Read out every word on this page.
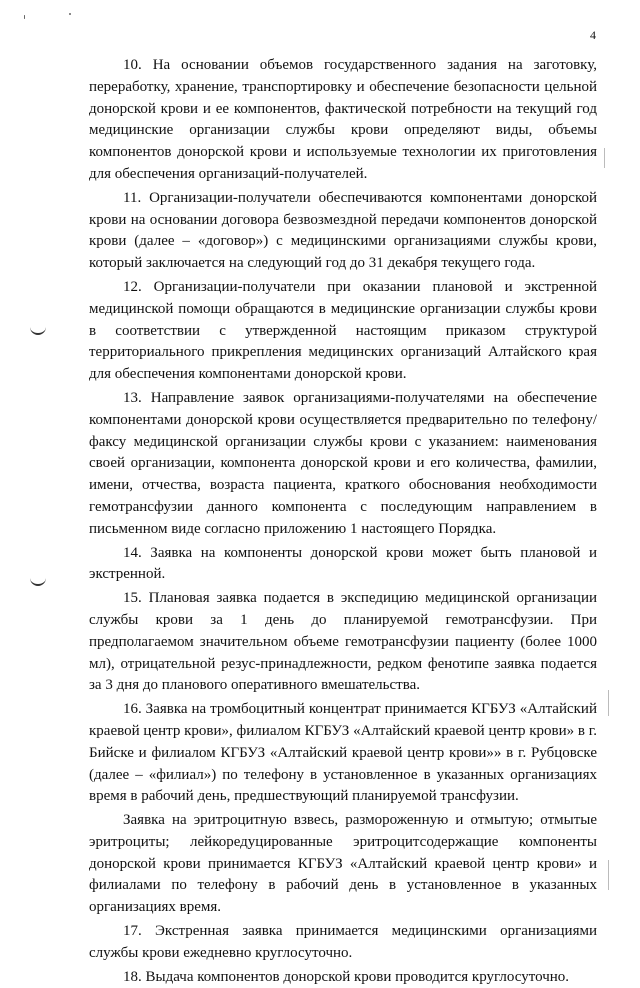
4

10. На основании объемов государственного задания на заготовку, переработку, хранение, транспортировку и обеспечение безопасности цельной донорской крови и ее компонентов, фактической потребности на текущий год медицинские организации службы крови определяют виды, объемы компонентов донорской крови и используемые технологии их приготовления для обеспечения организаций-получателей.

11. Организации-получатели обеспечиваются компонентами донорской крови на основании договора безвозмездной передачи компонентов донорской крови (далее – «договор») с медицинскими организациями службы крови, который заключается на следующий год до 31 декабря текущего года.

12. Организации-получатели при оказании плановой и экстренной медицинской помощи обращаются в медицинские организации службы крови в соответствии с утвержденной настоящим приказом структурой территориального прикрепления медицинских организаций Алтайского края для обеспечения компонентами донорской крови.

13. Направление заявок организациями-получателями на обеспечение компонентами донорской крови осуществляется предварительно по телефону/факсу медицинской организации службы крови с указанием: наименования своей организации, компонента донорской крови и его количества, фамилии, имени, отчества, возраста пациента, краткого обоснования необходимости гемотрансфузии данного компонента с последующим направлением в письменном виде согласно приложению 1 настоящего Порядка.

14. Заявка на компоненты донорской крови может быть плановой и экстренной.

15. Плановая заявка подается в экспедицию медицинской организации службы крови за 1 день до планируемой гемотрансфузии. При предполагаемом значительном объеме гемотрансфузии пациенту (более 1000 мл), отрицательной резус-принадлежности, редком фенотипе заявка подается за 3 дня до планового оперативного вмешательства.

16. Заявка на тромбоцитный концентрат принимается КГБУЗ «Алтайский краевой центр крови», филиалом КГБУЗ «Алтайский краевой центр крови» в г. Бийске и филиалом КГБУЗ «Алтайский краевой центр крови»» в г. Рубцовске (далее – «филиал») по телефону в установленное в указанных организациях время в рабочий день, предшествующий планируемой трансфузии.

Заявка на эритроцитную взвесь, размороженную и отмытую; отмытые эритроциты; лейкоредуцированные эритроцитсодержащие компоненты донорской крови принимается КГБУЗ «Алтайский краевой центр крови» и филиалами по телефону в рабочий день в установленное в указанных организациях время.

17. Экстренная заявка принимается медицинскими организациями службы крови ежедневно круглосуточно.

18. Выдача компонентов донорской крови проводится круглосуточно.
